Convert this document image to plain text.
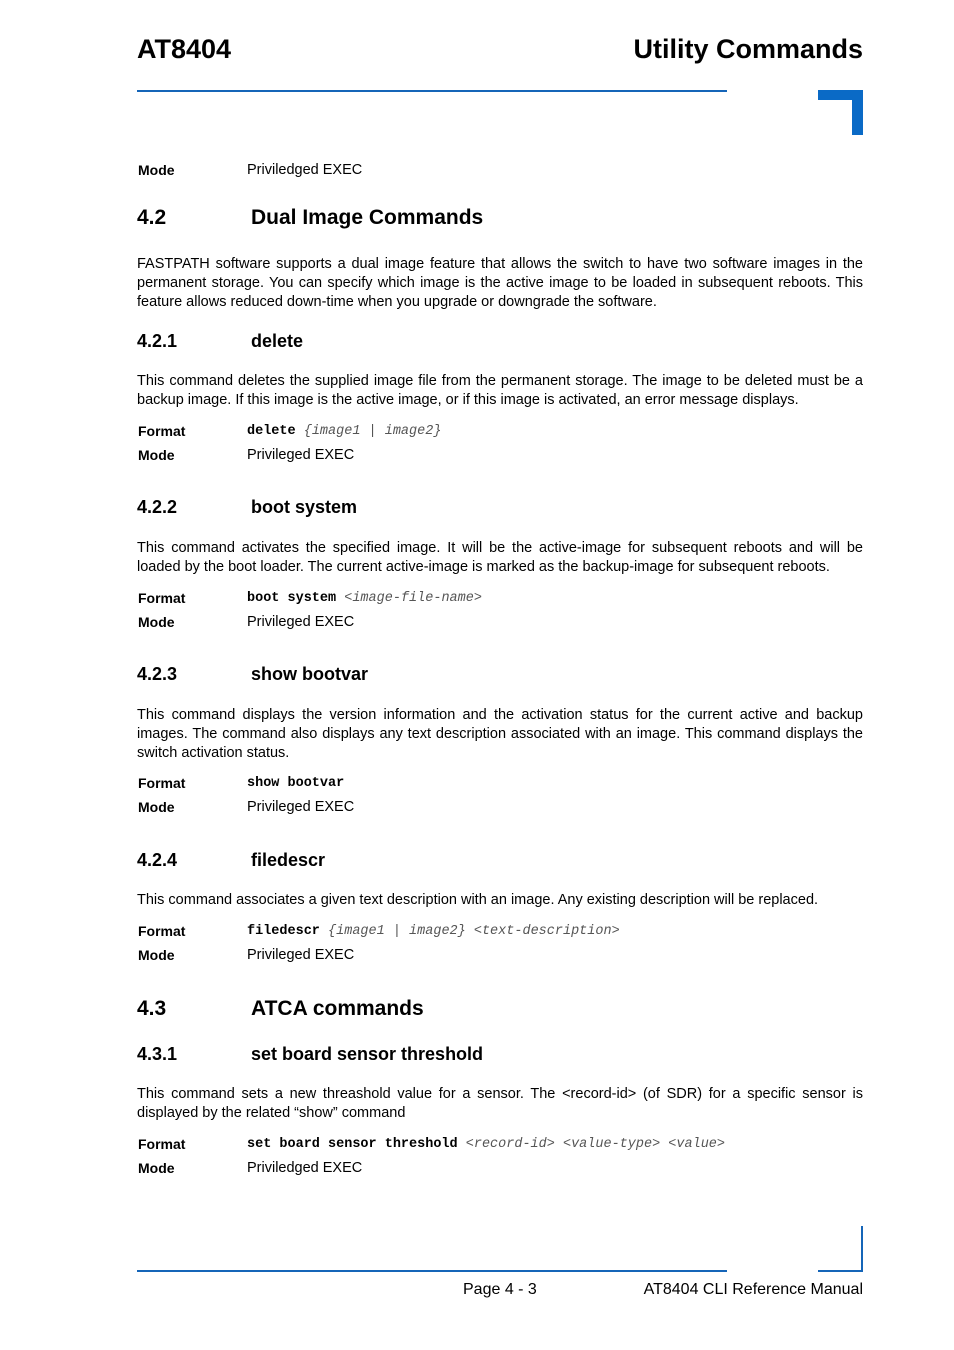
AT8404	Utility Commands
Mode	Priviledged EXEC
4.2	Dual Image Commands
FASTPATH software supports a dual image feature that allows the switch to have two software images in the permanent storage. You can specify which image is the active image to be loaded in subsequent reboots. This feature allows reduced down-time when you upgrade or downgrade the software.
4.2.1	delete
This command deletes the supplied image file from the permanent storage. The image to be deleted must be a backup image. If this image is the active image, or if this image is activated, an error message displays.
Format	delete {image1 | image2}
Mode	Privileged EXEC
4.2.2	boot system
This command activates the specified image. It will be the active-image for subsequent reboots and will be loaded by the boot loader. The current active-image is marked as the backup-image for subsequent reboots.
Format	boot system <image-file-name>
Mode	Privileged EXEC
4.2.3	show bootvar
This command displays the version information and the activation status for the current active and backup images. The command also displays any text description associated with an image. This command displays the switch activation status.
Format	show bootvar
Mode	Privileged EXEC
4.2.4	filedescr
This command associates a given text description with an image. Any existing description will be replaced.
Format	filedescr {image1 | image2} <text-description>
Mode	Privileged EXEC
4.3	ATCA commands
4.3.1	set board sensor threshold
This command sets a new threashold value for a sensor. The <record-id> (of SDR) for a specific sensor is displayed by the related “show” command
Format	set board sensor threshold <record-id> <value-type> <value>
Mode	Priviledged EXEC
Page 4 - 3	AT8404 CLI Reference Manual
